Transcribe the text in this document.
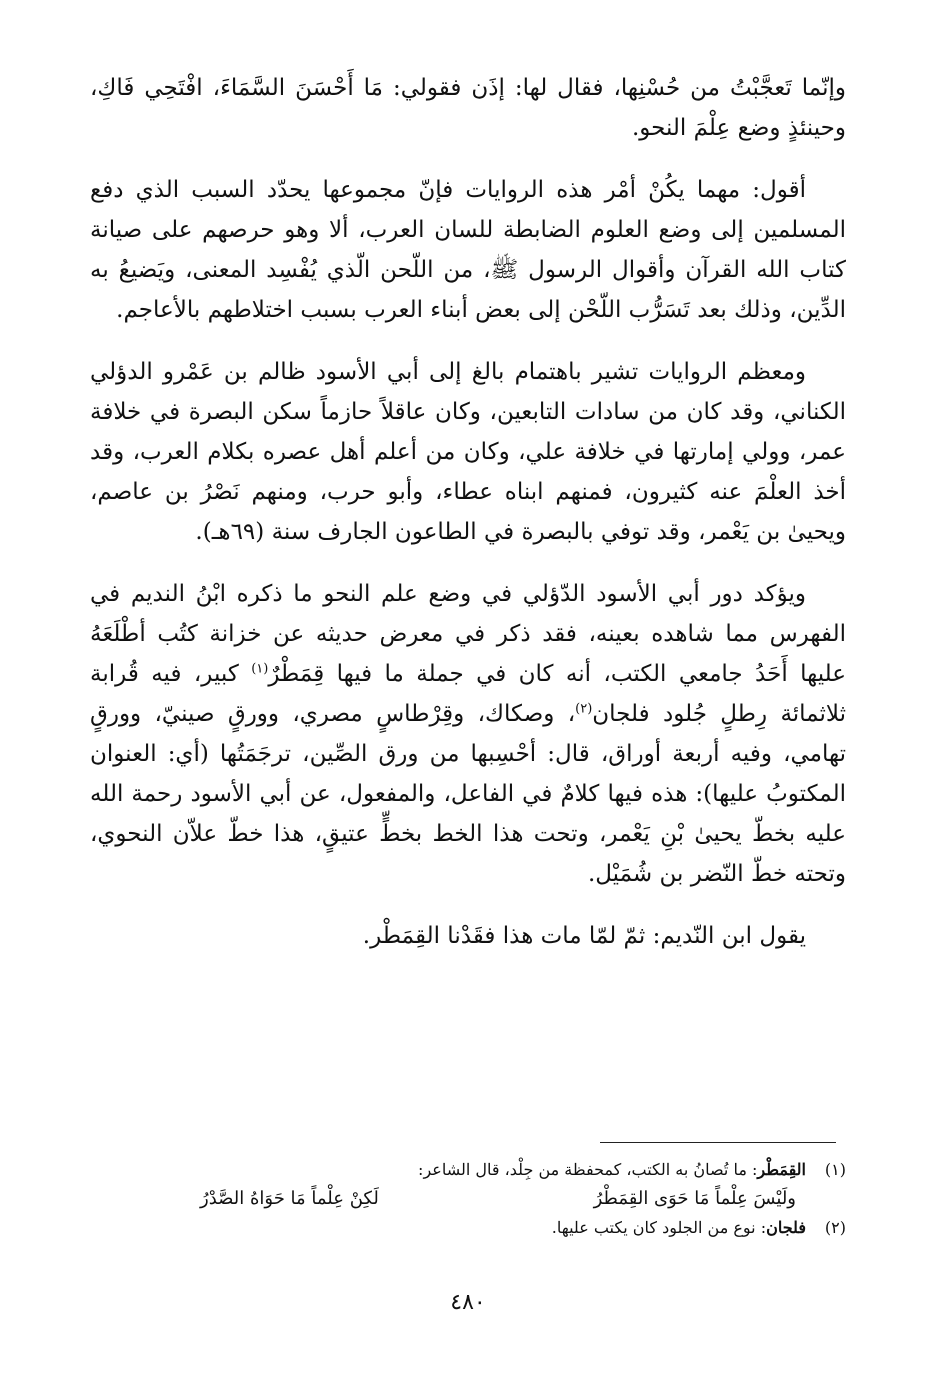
وإنّما تَعجَّبْتُ من حُسْنِها، فقال لها: إذَن فقولي: مَا أَحْسَنَ السَّمَاءَ، افْتَحِي فَاكِ، وحينئذٍ وضع عِلْمَ النحو.

أقول: مهما يكُنْ أمْر هذه الروايات فإنّ مجموعها يحدّد السبب الذي دفع المسلمين إلى وضع العلوم الضابطة للسان العرب، ألا وهو حرصهم على صيانة كتاب الله القرآن وأقوال الرسول ﷺ، من اللّحن الّذي يُفْسِد المعنى، ويَضيعُ به الدِّين، وذلك بعد تَسَرُّب اللّحْن إلى بعض أبناء العرب بسبب اختلاطهم بالأعاجم.

ومعظم الروايات تشير باهتمام بالغ إلى أبي الأسود ظالم بن عَمْرو الدؤلي الكناني، وقد كان من سادات التابعين، وكان عاقلاً حازماً سكن البصرة في خلافة عمر، وولي إمارتها في خلافة علي، وكان من أعلم أهل عصره بكلام العرب، وقد أخذ العلْمَ عنه كثيرون، فمنهم ابناه عطاء، وأبو حرب، ومنهم نَصْرُ بن عاصم، ويحيىٰ بن يَعْمر، وقد توفي بالبصرة في الطاعون الجارف سنة (٦٩هـ).

ويؤكد دور أبي الأسود الدّؤلي في وضع علم النحو ما ذكره ابْنُ النديم في الفهرس مما شاهده بعينه، فقد ذكر في معرض حديثه عن خزانة كتُب أطْلَعَهُ عليها أَحَدُ جامعي الكتب، أنه كان في جملة ما فيها قِمَطْرٌ$^{(١)}$ كبير، فيه قُرابة ثلاثمائة رِطلٍ جُلود فلجان$^{(٢)}$، وصكاك، وقِرْطاسٍ مصري، وورقٍ صينيّ، وورقٍ تهامي، وفيه أربعة أوراق، قال: أحْسِبها من ورق الصِّين، ترجَمَتُها (أي: العنوان المكتوبُ عليها): هذه فيها كلامٌ في الفاعل، والمفعول، عن أبي الأسود رحمة الله عليه بخطّ يحيىٰ بْنِ يَعْمر، وتحت هذا الخط بخطٍّ عتيقٍ، هذا خطّ علاّن النحوي، وتحته خطّ النّضر بن شُمَيْل.

يقول ابن النّديم: ثمّ لمّا مات هذا فقَدْنا القِمَطْر.

(١)القِمَطْر: ما تُصانُ به الكتب، كمحفظة من جِلْد، قال الشاعر:

ولَيْسَ عِلْماً مَا حَوَى القِمَطْرُ
لَكِنْ عِلْماً مَا حَوَاهُ الصَّدْرُ

(٢)فلجان: نوع من الجلود كان يكتب عليها.

٤٨٠
